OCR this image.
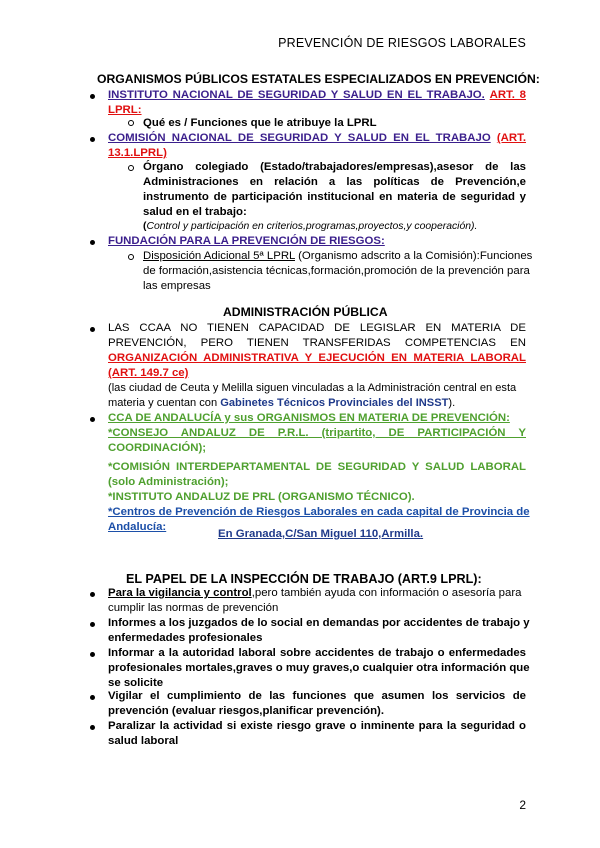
PREVENCIÓN DE RIESGOS LABORALES
ORGANISMOS PÚBLICOS ESTATALES ESPECIALIZADOS EN PREVENCIÓN:
INSTITUTO NACIONAL DE SEGURIDAD Y SALUD EN EL TRABAJO. ART. 8
LPRL:
Qué es / Funciones que le atribuye la LPRL
COMISIÓN NACIONAL DE SEGURIDAD Y SALUD EN EL TRABAJO (ART.
13.1.LPRL)
Órgano colegiado (Estado/trabajadores/empresas),asesor de las
Administraciones en relación a las políticas de Prevención,e
instrumento de participación institucional en materia de seguridad y
salud en el trabajo:
(Control y participación en criterios,programas,proyectos,y cooperación).
FUNDACIÓN PARA LA PREVENCIÓN DE RIESGOS:
Disposición Adicional 5ª LPRL (Organismo adscrito a la Comisión):Funciones
de formación,asistencia técnicas,formación,promoción de la prevención para
las empresas
ADMINISTRACIÓN PÚBLICA
LAS CCAA NO TIENEN CAPACIDAD DE LEGISLAR EN MATERIA DE
PREVENCIÓN, PERO TIENEN TRANSFERIDAS COMPETENCIAS EN
ORGANIZACIÓN ADMINISTRATIVA Y EJECUCIÓN EN MATERIA LABORAL
(ART. 149.7 ce)
(las ciudad de Ceuta y Melilla siguen vinculadas a la Administración central en esta
materia y cuentan con Gabinetes Técnicos Provinciales del INSST).
CCA DE ANDALUCÍA y sus ORGANISMOS EN MATERIA DE PREVENCIÓN:
*CONSEJO ANDALUZ DE P.R.L. (tripartito, DE PARTICIPACIÓN Y
COORDINACIÓN);
*COMISIÓN INTERDEPARTAMENTAL DE SEGURIDAD Y SALUD LABORAL
(solo Administración);
*INSTITUTO ANDALUZ DE PRL (ORGANISMO TÉCNICO).
*Centros de Prevención de Riesgos Laborales en cada capital de Provincia de
Andalucía:
En Granada,C/San Miguel 110,Armilla.
EL PAPEL DE LA INSPECCIÓN DE TRABAJO (ART.9 LPRL):
Para la vigilancia y control,pero también ayuda con información o asesoría para
cumplir las normas de prevención
Informes a los juzgados de lo social en demandas por accidentes de trabajo y
enfermedades profesionales
Informar a la autoridad laboral sobre accidentes de trabajo o enfermedades
profesionales mortales,graves o muy graves,o cualquier otra información que
se solicite
Vigilar el cumplimiento de las funciones que asumen los servicios de
prevención (evaluar riesgos,planificar prevención).
Paralizar la actividad si existe riesgo grave o inminente para la seguridad o
salud laboral
2
